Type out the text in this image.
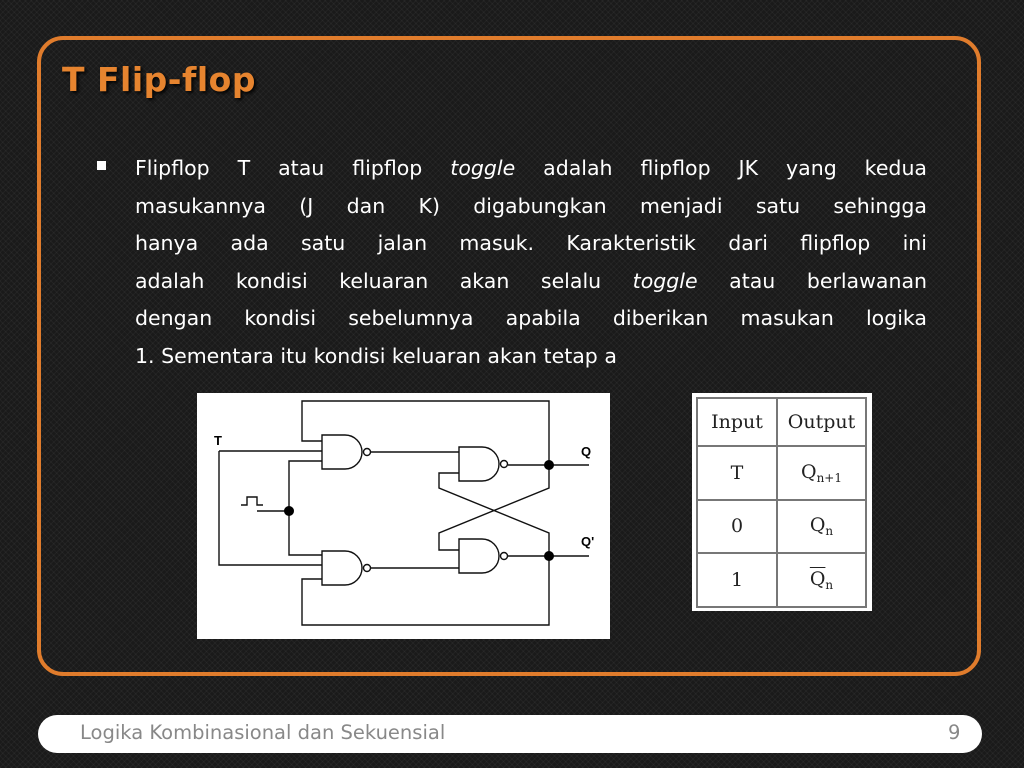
T Flip-flop
Flipflop T atau flipflop toggle adalah flipflop JK yang kedua
masukannya (J dan K) digabungkan menjadi satu sehingga
hanya ada satu jalan masuk. Karakteristik dari flipflop ini
adalah kondisi keluaran akan selalu toggle atau berlawanan
dengan kondisi sebelumnya apabila diberikan masukan logika
1. Sementara itu kondisi keluaran akan tetap a
T
Q
Q'
Input	Output
T	$Q_{n+1}$
0	$Q_n$
1	$\overline{Q}_n$
Logika Kombinasional dan Sekuensial	9
